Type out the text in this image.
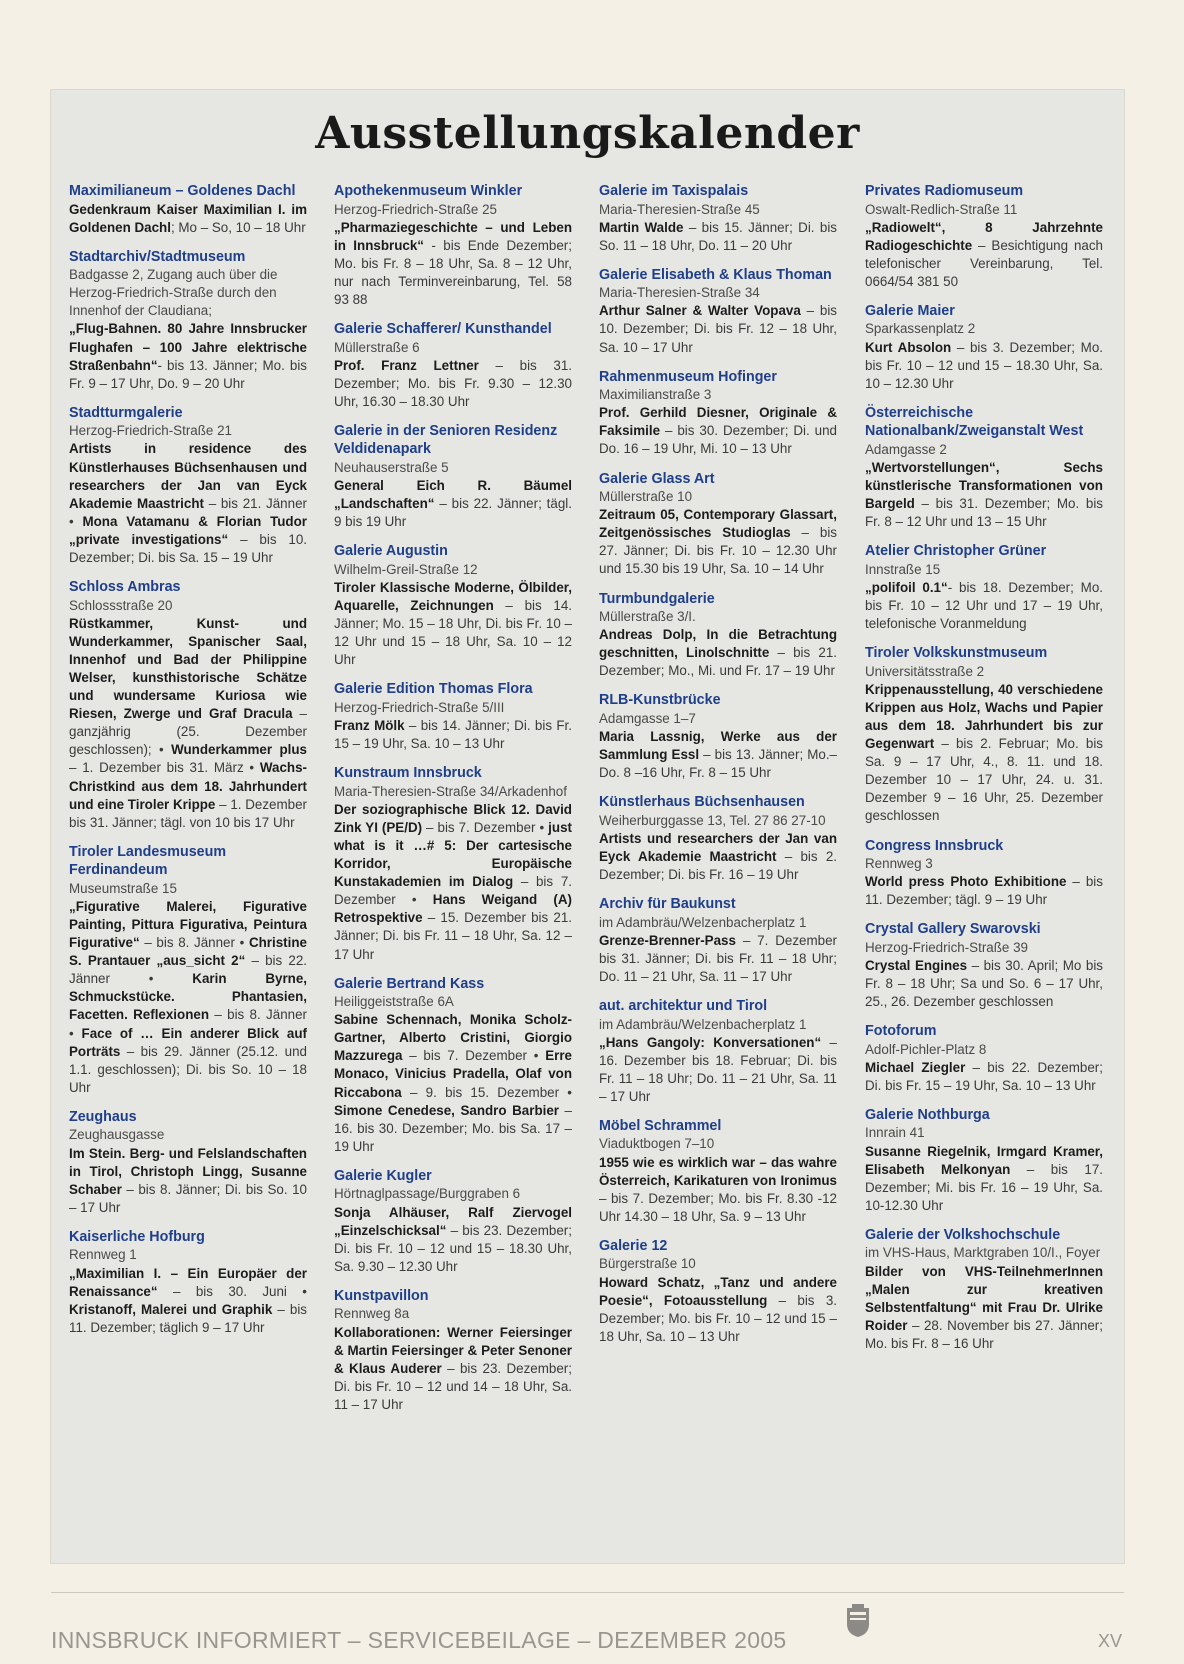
Ausstellungskalender
Maximilianeum – Goldenes Dachl
Gedenkraum Kaiser Maximilian I. im Goldenen Dachl; Mo – So, 10 – 18 Uhr
Stadtarchiv/Stadtmuseum
Badgasse 2, Zugang auch über die Herzog-Friedrich-Straße durch den Innenhof der Claudiana;
„Flug-Bahnen. 80 Jahre Innsbrucker Flughafen – 100 Jahre elektrische Straßenbahn“- bis 13. Jänner; Mo. bis Fr. 9 – 17 Uhr, Do. 9 – 20 Uhr
Stadtturmgalerie
Herzog-Friedrich-Straße 21
Artists in residence des Künstlerhauses Büchsenhausen und researchers der Jan van Eyck Akademie Maastricht – bis 21. Jänner • Mona Vatamanu & Florian Tudor „private investigations“ – bis 10. Dezember; Di. bis Sa. 15 – 19 Uhr
Schloss Ambras
Schlossstraße 20
Rüstkammer, Kunst- und Wunderkammer, Spanischer Saal, Innenhof und Bad der Philippine Welser, kunsthistorische Schätze und wundersame Kuriosa wie Riesen, Zwerge und Graf Dracula – ganzjährig (25. Dezember geschlossen); • Wunderkammer plus – 1. Dezember bis 31. März • Wachs-Christkind aus dem 18. Jahrhundert und eine Tiroler Krippe – 1. Dezember bis 31. Jänner; tägl. von 10 bis 17 Uhr
Tiroler Landesmuseum Ferdinandeum
Museumstraße 15
„Figurative Malerei, Figurative Painting, Pittura Figurativa, Peintura Figurative“ – bis 8. Jänner • Christine S. Prantauer „aus_sicht 2“ – bis 22. Jänner • Karin Byrne, Schmuckstücke. Phantasien, Facetten. Reflexionen – bis 8. Jänner • Face of … Ein anderer Blick auf Porträts – bis 29. Jänner (25.12. und 1.1. geschlossen); Di. bis So. 10 – 18 Uhr
Zeughaus
Zeughausgasse
Im Stein. Berg- und Felslandschaften in Tirol, Christoph Lingg, Susanne Schaber – bis 8. Jänner; Di. bis So. 10 – 17 Uhr
Kaiserliche Hofburg
Rennweg 1
„Maximilian I. – Ein Europäer der Renaissance“ – bis 30. Juni • Kristanoff, Malerei und Graphik – bis 11. Dezember; täglich 9 – 17 Uhr
Apothekenmuseum Winkler
Herzog-Friedrich-Straße 25
„Pharmaziegeschichte – und Leben in Innsbruck“ - bis Ende Dezember; Mo. bis Fr. 8 – 18 Uhr, Sa. 8 – 12 Uhr, nur nach Terminvereinbarung, Tel. 58 93 88
Galerie Schafferer/ Kunsthandel
Müllerstraße 6
Prof. Franz Lettner – bis 31. Dezember; Mo. bis Fr. 9.30 – 12.30 Uhr, 16.30 – 18.30 Uhr
Galerie in der Senioren Residenz Veldidenapark
Neuhauserstraße 5
General Eich R. Bäumel „Landschaften“ – bis 22. Jänner; tägl. 9 bis 19 Uhr
Galerie Augustin
Wilhelm-Greil-Straße 12
Tiroler Klassische Moderne, Ölbilder, Aquarelle, Zeichnungen – bis 14. Jänner; Mo. 15 – 18 Uhr, Di. bis Fr. 10 – 12 Uhr und 15 – 18 Uhr, Sa. 10 – 12 Uhr
Galerie Edition Thomas Flora
Herzog-Friedrich-Straße 5/III
Franz Mölk – bis 14. Jänner; Di. bis Fr. 15 – 19 Uhr, Sa. 10 – 13 Uhr
Kunstraum Innsbruck
Maria-Theresien-Straße 34/Arkadenhof
Der soziographische Blick 12. David Zink YI (PE/D) – bis 7. Dezember • just what is it …# 5: Der cartesische Korridor, Europäische Kunstakademien im Dialog – bis 7. Dezember • Hans Weigand (A) Retrospektive – 15. Dezember bis 21. Jänner; Di. bis Fr. 11 – 18 Uhr, Sa. 12 – 17 Uhr
Galerie Bertrand Kass
Heiliggeiststraße 6A
Sabine Schennach, Monika Scholz-Gartner, Alberto Cristini, Giorgio Mazzurega – bis 7. Dezember • Erre Monaco, Vinicius Pradella, Olaf von Riccabona – 9. bis 15. Dezember • Simone Cenedese, Sandro Barbier – 16. bis 30. Dezember; Mo. bis Sa. 17 – 19 Uhr
Galerie Kugler
Hörtnaglpassage/Burggraben 6
Sonja Alhäuser, Ralf Ziervogel „Einzelschicksal“ – bis 23. Dezember; Di. bis Fr. 10 – 12 und 15 – 18.30 Uhr, Sa. 9.30 – 12.30 Uhr
Kunstpavillon
Rennweg 8a
Kollaborationen: Werner Feiersinger & Martin Feiersinger & Peter Senoner & Klaus Auderer – bis 23. Dezember; Di. bis Fr. 10 – 12 und 14 – 18 Uhr, Sa. 11 – 17 Uhr
Galerie im Taxispalais
Maria-Theresien-Straße 45
Martin Walde – bis 15. Jänner; Di. bis So. 11 – 18 Uhr, Do. 11 – 20 Uhr
Galerie Elisabeth & Klaus Thoman
Maria-Theresien-Straße 34
Arthur Salner & Walter Vopava – bis 10. Dezember; Di. bis Fr. 12 – 18 Uhr, Sa. 10 – 17 Uhr
Rahmenmuseum Hofinger
Maximilianstraße 3
Prof. Gerhild Diesner, Originale & Faksimile – bis 30. Dezember; Di. und Do. 16 – 19 Uhr, Mi. 10 – 13 Uhr
Galerie Glass Art
Müllerstraße 10
Zeitraum 05, Contemporary Glassart, Zeitgenössisches Studioglas – bis 27. Jänner; Di. bis Fr. 10 – 12.30 Uhr und 15.30 bis 19 Uhr, Sa. 10 – 14 Uhr
Turmbundgalerie
Müllerstraße 3/I.
Andreas Dolp, In die Betrachtung geschnitten, Linolschnitte – bis 21. Dezember; Mo., Mi. und Fr. 17 – 19 Uhr
RLB-Kunstbrücke
Adamgasse 1–7
Maria Lassnig, Werke aus der Sammlung Essl – bis 13. Jänner; Mo.–Do. 8 –16 Uhr, Fr. 8 – 15 Uhr
Künstlerhaus Büchsenhausen
Weiherburggasse 13, Tel. 27 86 27-10
Artists und researchers der Jan van Eyck Akademie Maastricht – bis 2. Dezember; Di. bis Fr. 16 – 19 Uhr
Archiv für Baukunst
im Adambräu/Welzenbacherplatz 1
Grenze-Brenner-Pass – 7. Dezember bis 31. Jänner; Di. bis Fr. 11 – 18 Uhr; Do. 11 – 21 Uhr, Sa. 11 – 17 Uhr
aut. architektur und Tirol
im Adambräu/Welzenbacherplatz 1
„Hans Gangoly: Konversationen“ – 16. Dezember bis 18. Februar; Di. bis Fr. 11 – 18 Uhr; Do. 11 – 21 Uhr, Sa. 11 – 17 Uhr
Möbel Schrammel
Viaduktbogen 7–10
1955 wie es wirklich war – das wahre Österreich, Karikaturen von Ironimus – bis 7. Dezember; Mo. bis Fr. 8.30 -12 Uhr 14.30 – 18 Uhr, Sa. 9 – 13 Uhr
Galerie 12
Bürgerstraße 10
Howard Schatz, „Tanz und andere Poesie“, Fotoausstellung – bis 3. Dezember; Mo. bis Fr. 10 – 12 und 15 – 18 Uhr, Sa. 10 – 13 Uhr
Privates Radiomuseum
Oswalt-Redlich-Straße 11
„Radiowelt“, 8 Jahrzehnte Radiogeschichte – Besichtigung nach telefonischer Vereinbarung, Tel. 0664/54 381 50
Galerie Maier
Sparkassenplatz 2
Kurt Absolon – bis 3. Dezember; Mo. bis Fr. 10 – 12 und 15 – 18.30 Uhr, Sa. 10 – 12.30 Uhr
Österreichische Nationalbank/Zweiganstalt West
Adamgasse 2
„Wertvorstellungen“, Sechs künstlerische Transformationen von Bargeld – bis 31. Dezember; Mo. bis Fr. 8 – 12 Uhr und 13 – 15 Uhr
Atelier Christopher Grüner
Innstraße 15
„polifoil 0.1“- bis 18. Dezember; Mo. bis Fr. 10 – 12 Uhr und 17 – 19 Uhr, telefonische Voranmeldung
Tiroler Volkskunstmuseum
Universitätsstraße 2
Krippenausstellung, 40 verschiedene Krippen aus Holz, Wachs und Papier aus dem 18. Jahrhundert bis zur Gegenwart – bis 2. Februar; Mo. bis Sa. 9 – 17 Uhr, 4., 8. 11. und 18. Dezember 10 – 17 Uhr, 24. u. 31. Dezember 9 – 16 Uhr, 25. Dezember geschlossen
Congress Innsbruck
Rennweg 3
World press Photo Exhibitione – bis 11. Dezember; tägl. 9 – 19 Uhr
Crystal Gallery Swarovski
Herzog-Friedrich-Straße 39
Crystal Engines – bis 30. April; Mo bis Fr. 8 – 18 Uhr; Sa und So. 6 – 17 Uhr, 25., 26. Dezember geschlossen
Fotoforum
Adolf-Pichler-Platz 8
Michael Ziegler – bis 22. Dezember; Di. bis Fr. 15 – 19 Uhr, Sa. 10 – 13 Uhr
Galerie Nothburga
Innrain 41
Susanne Riegelnik, Irmgard Kramer, Elisabeth Melkonyan – bis 17. Dezember; Mi. bis Fr. 16 – 19 Uhr, Sa. 10-12.30 Uhr
Galerie der Volkshochschule
im VHS-Haus, Marktgraben 10/I., Foyer
Bilder von VHS-TeilnehmerInnen „Malen zur kreativen Selbstentfaltung“ mit Frau Dr. Ulrike Roider – 28. November bis 27. Jänner; Mo. bis Fr. 8 – 16 Uhr
INNSBRUCK INFORMIERT – SERVICEBEILAGE – DEZEMBER 2005	XV
